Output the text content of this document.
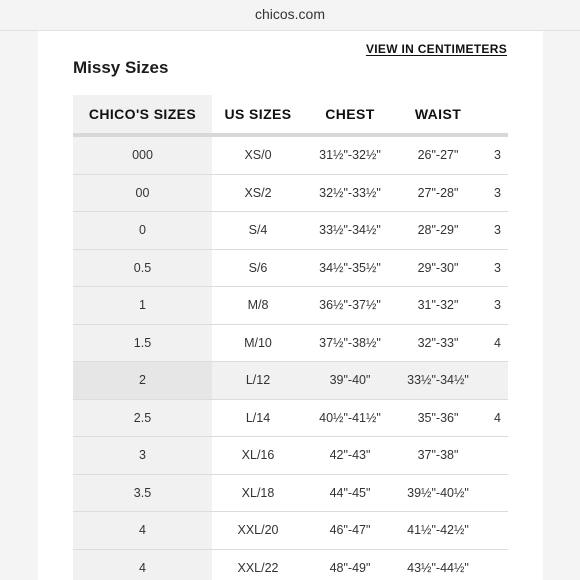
chicos.com
VIEW IN CENTIMETERS
Missy Sizes
CHICO'S SIZES	US SIZES	CHEST	WAIST	
000	XS/0	31½"-32½"	26"-27"	3
00	XS/2	32½"-33½"	27"-28"	3
0	S/4	33½"-34½"	28"-29"	3
0.5	S/6	34½"-35½"	29"-30"	3
1	M/8	36½"-37½"	31"-32"	3
1.5	M/10	37½"-38½"	32"-33"	4
2	L/12	39"-40"	33½"-34½"	
2.5	L/14	40½"-41½"	35"-36"	4
3	XL/16	42"-43"	37"-38"	
3.5	XL/18	44"-45"	39½"-40½"	
4	XXL/20	46"-47"	41½"-42½"	
4	XXL/22	48"-49"	43½"-44½"	
